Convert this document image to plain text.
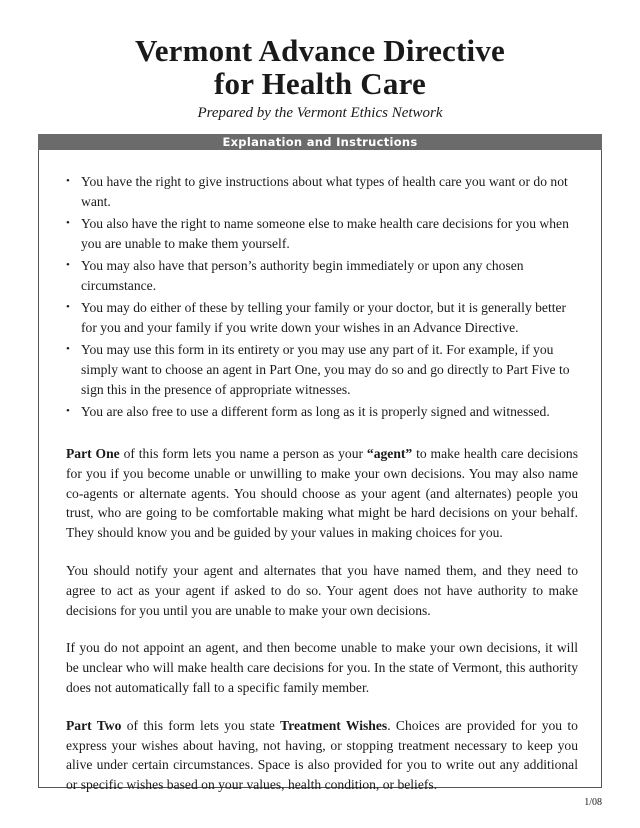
Vermont Advance Directive
for Health Care
Prepared by the Vermont Ethics Network
Explanation and Instructions
• You have the right to give instructions about what types of health care you want or do not want.
• You also have the right to name someone else to make health care decisions for you when you are unable to make them yourself.
• You may also have that person’s authority begin immediately or upon any chosen circumstance.
• You may do either of these by telling your family or your doctor, but it is generally better for you and your family if you write down your wishes in an Advance Directive.
• You may use this form in its entirety or you may use any part of it. For example, if you simply want to choose an agent in Part One, you may do so and go directly to Part Five to sign this in the presence of appropriate witnesses.
• You are also free to use a different form as long as it is properly signed and witnessed.

Part One of this form lets you name a person as your “agent” to make health care decisions for you if you become unable or unwilling to make your own decisions. You may also name co-agents or alternate agents. You should choose as your agent (and alternates) people you trust, who are going to be comfortable making what might be hard decisions on your behalf. They should know you and be guided by your values in making choices for you.

You should notify your agent and alternates that you have named them, and they need to agree to act as your agent if asked to do so. Your agent does not have authority to make decisions for you until you are unable to make your own decisions.

If you do not appoint an agent, and then become unable to make your own decisions, it will be unclear who will make health care decisions for you. In the state of Vermont, this authority does not automatically fall to a specific family member.

Part Two of this form lets you state Treatment Wishes. Choices are provided for you to express your wishes about having, not having, or stopping treatment necessary to keep you alive under certain circumstances. Space is also provided for you to write out any additional or specific wishes based on your values, health condition, or beliefs.

1/08
